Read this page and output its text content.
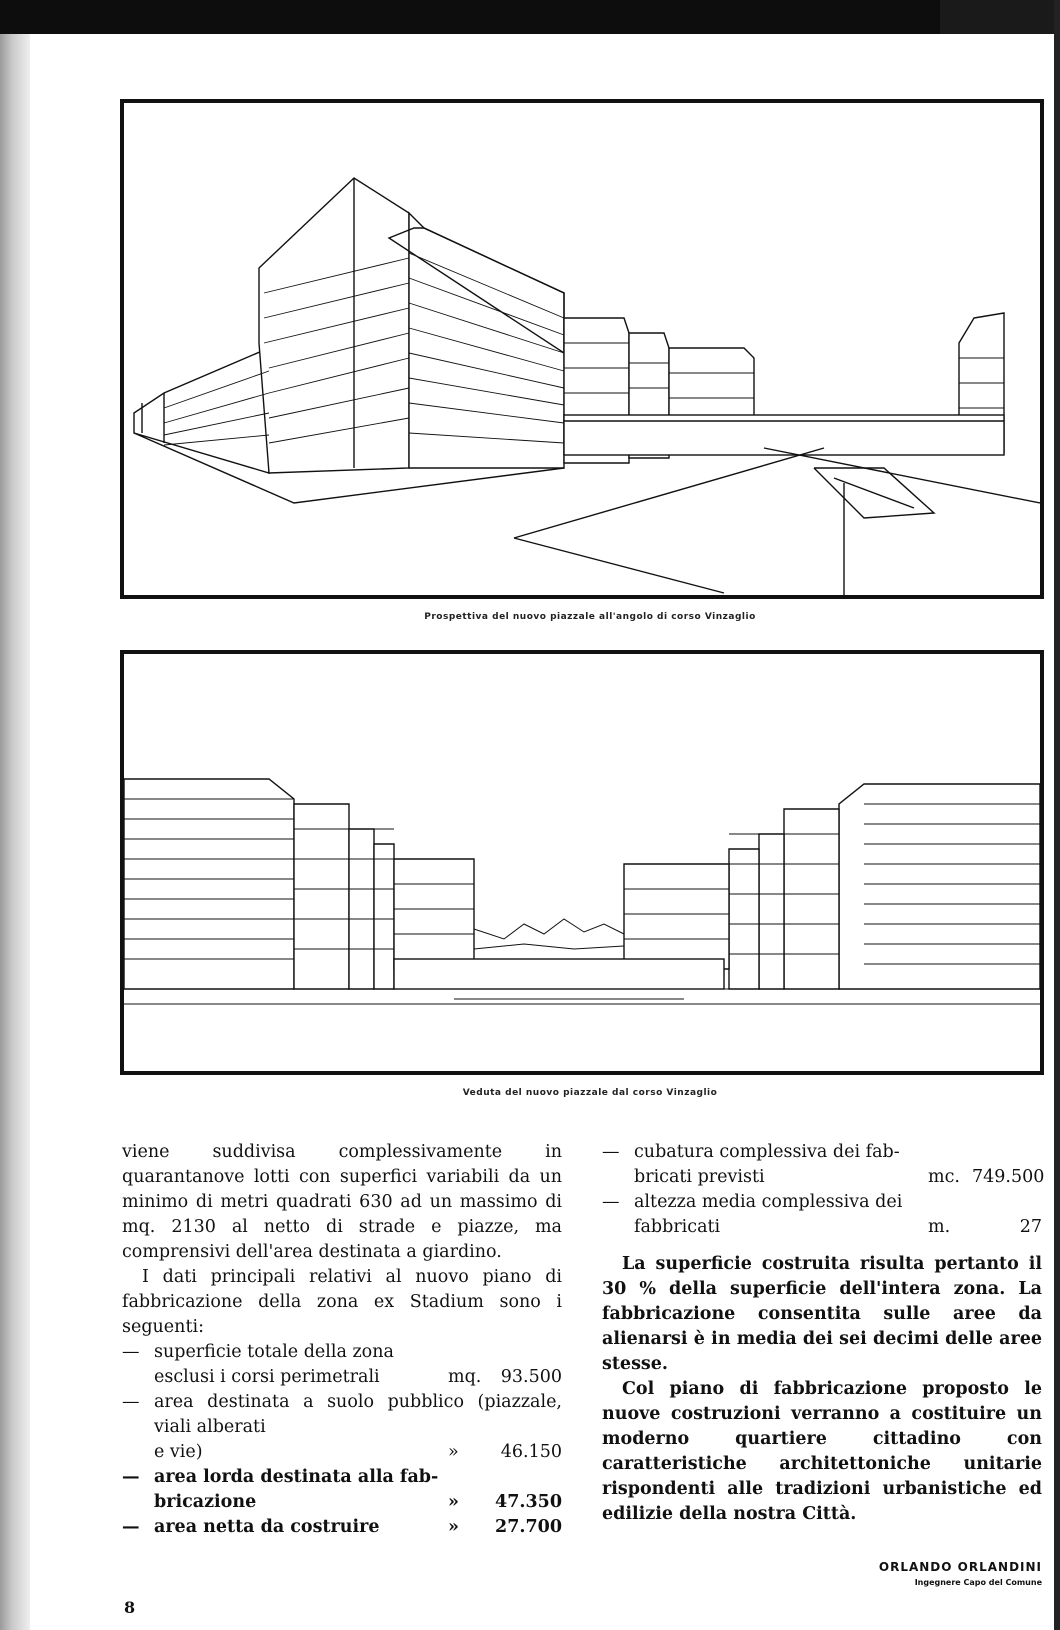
Prospettiva del nuovo piazzale all'angolo di corso Vinzaglio
Veduta del nuovo piazzale dal corso Vinzaglio

viene suddivisa complessivamente in quarantanove lotti con superfici variabili da un minimo di metri quadrati 630 ad un massimo di mq. 2130 al netto di strade e piazze, ma comprensivi dell'area destinata a giardino.

I dati principali relativi al nuovo piano di fabbricazione della zona ex Stadium sono i seguenti:

— superficie totale della zona
esclusi i corsi perimetrali	mq.	93.500
— area destinata a suolo pubblico (piazzale, viali alberati
e vie)	»	46.150
— area lorda destinata alla fab-
bricazione	»	47.350
— area netta da costruire	»	27.700
— cubatura complessiva dei fab-
bricati previsti	mc. 749.500
— altezza media complessiva dei
fabbricati	m.	27

La superficie costruita risulta pertanto il 30 % della superficie dell'intera zona. La fabbricazione consentita sulle aree da alienarsi è in media dei sei decimi delle aree stesse.

Col piano di fabbricazione proposto le nuove costruzioni verranno a costituire un moderno quartiere cittadino con caratteristiche architettoniche unitarie rispondenti alle tradizioni urbanistiche ed edilizie della nostra Città.

ORLANDO ORLANDINI
Ingegnere Capo del Comune
8
